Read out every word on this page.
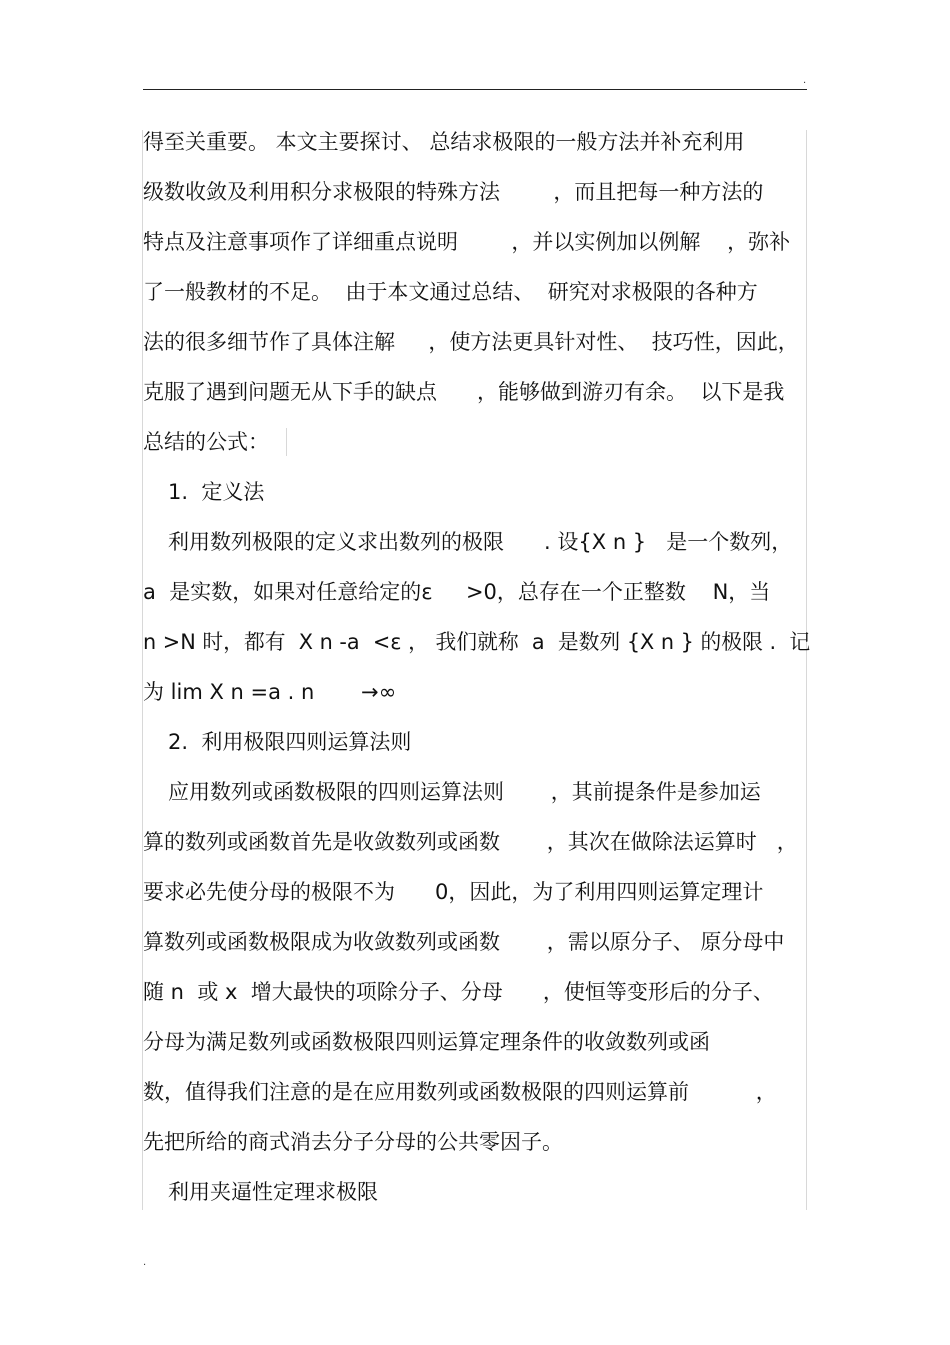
.
.
得至关重要。 本文主要探讨、 总结求极限的一般方法并补充利用
级数收敛及利用积分求极限的特殊方法        ，而且把每一种方法的
特点及注意事项作了详细重点说明        ，并以实例加以例解    ，弥补
了一般教材的不足。  由于本文通过总结、  研究对求极限的各种方
法的很多细节作了具体注解     ，使方法更具针对性、  技巧性，因此，
克服了遇到问题无从下手的缺点      ，能够做到游刃有余。  以下是我
总结的公式：
1.  定义法
利用数列极限的定义求出数列的极限      . 设{X n }   是一个数列，
a  是实数，如果对任意给定的ε     >0，总存在一个正整数    N，当
n >N 时，都有  X n -a  <ε ， 我们就称  a  是数列 {X n } 的极限 .  记
为 lim X n =a . n       →∞
2.  利用极限四则运算法则
应用数列或函数极限的四则运算法则       ，其前提条件是参加运
算的数列或函数首先是收敛数列或函数       ，其次在做除法运算时   ，
要求必先使分母的极限不为      0，因此，为了利用四则运算定理计
算数列或函数极限成为收敛数列或函数       ，需以原分子、 原分母中
随 n  或 x  增大最快的项除分子、分母      ，使恒等变形后的分子、
分母为满足数列或函数极限四则运算定理条件的收敛数列或函
数，值得我们注意的是在应用数列或函数极限的四则运算前          ，
先把所给的商式消去分子分母的公共零因子。
利用夹逼性定理求极限
